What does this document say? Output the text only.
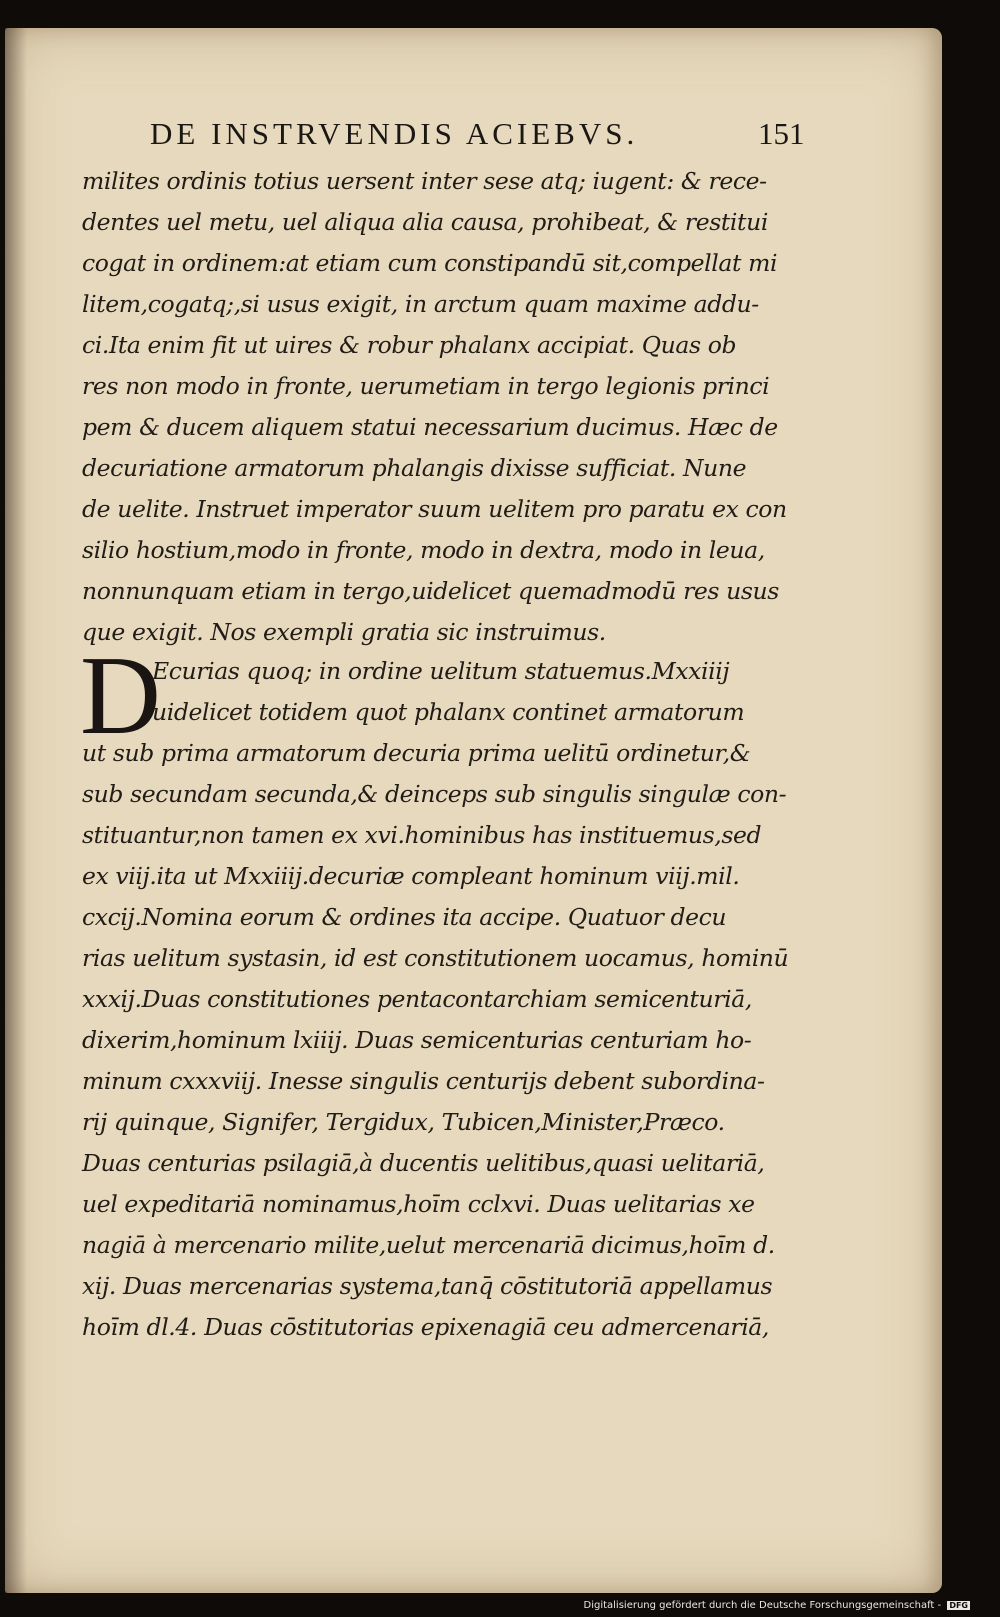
DE INSTRVENDIS ACIEBVS.	151
milites ordinis totius uersent inter sese atq; iugent: & rece-
dentes uel metu, uel aliqua alia causa, prohibeat, & restitui
cogat in ordinem:at etiam cum constipandū sit,compellat mi
litem,cogatq;,si usus exigit, in arctum quam maxime addu-
ci.Ita enim fit ut uires & robur phalanx accipiat. Quas ob
res non modo in fronte, uerumetiam in tergo legionis princi
pem & ducem aliquem statui necessarium ducimus. Hæc de
decuriatione armatorum phalangis dixisse sufficiat. Nune
de uelite. Instruet imperator suum uelitem pro paratu ex con
silio hostium,modo in fronte, modo in dextra, modo in leua,
nonnunquam etiam in tergo,uidelicet quemadmodū res usus
que exigit. Nos exempli gratia sic instruimus.
D
Ecurias quoq; in ordine uelitum statuemus.Mxxiiij
uidelicet totidem quot phalanx continet armatorum
ut sub prima armatorum decuria prima uelitū ordinetur,&
sub secundam secunda,& deinceps sub singulis singulæ con-
stituantur,non tamen ex xvi.hominibus has instituemus,sed
ex viij.ita ut Mxxiiij.decuriæ compleant hominum viij.mil.
cxcij.Nomina eorum & ordines ita accipe. Quatuor decu
rias uelitum systasin, id est constitutionem uocamus, hominū
xxxij.Duas constitutiones pentacontarchiam semicenturiā,
dixerim,hominum lxiiij. Duas semicenturias centuriam ho-
minum cxxxviij. Inesse singulis centurijs debent subordina-
rij quinque, Signifer, Tergidux, Tubicen,Minister,Præco.
Duas centurias psilagiā,à ducentis uelitibus,quasi uelitariā,
uel expeditariā nominamus,hoīm cclxvi. Duas uelitarias xe
nagiā à mercenario milite,uelut mercenariā dicimus,hoīm d.
xij. Duas mercenarias systema,tanq̄ cōstitutoriā appellamus
hoīm dl.4. Duas cōstitutorias epixenagiā ceu admercenariā,
Digitalisierung gefördert durch die Deutsche Forschungsgemeinschaft - DFG
